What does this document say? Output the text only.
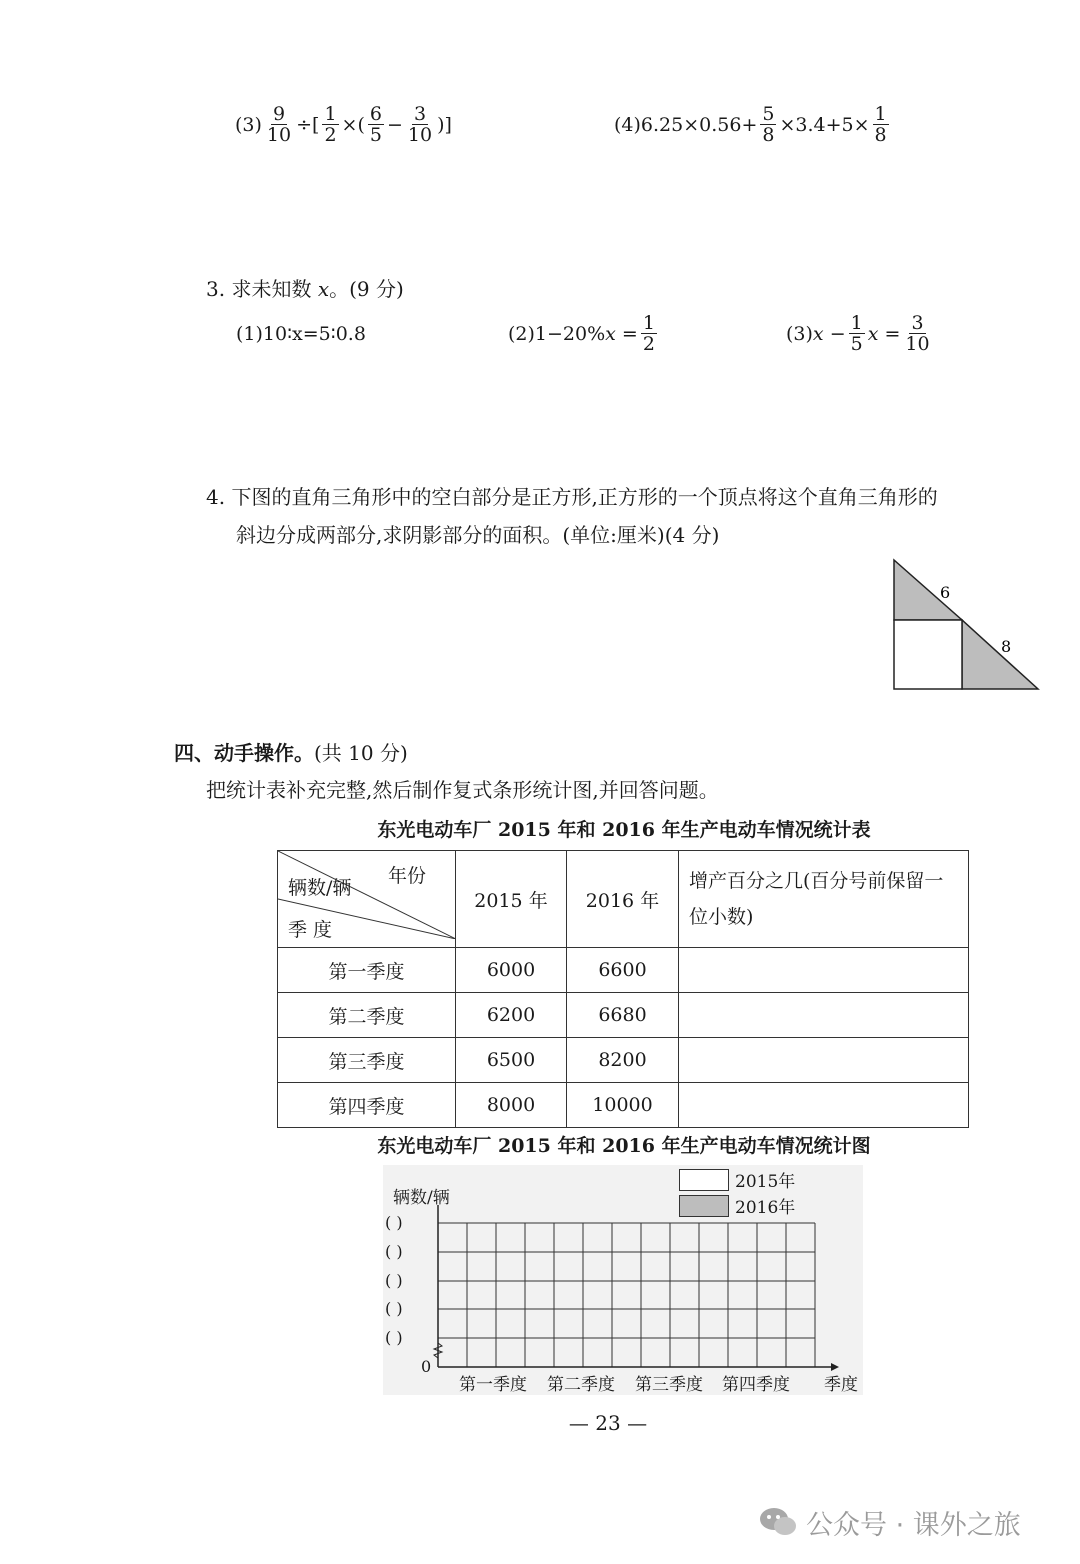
$(3) \frac{9}{10}$ ÷[ $\frac{1}{2}$ ×( $\frac{6}{5} - \frac{3}{10}$ )]	$(4)6.25\times 0.56+ \frac{5}{8} \times 3.4+5\times \frac{1}{8}$
3. 求未知数 x。(9 分)
(1)10∶x=5∶0.8	(2)1−20% x
= $\frac{1}{2}$	(3) x
− $\frac{1}{5}$ x
= $\frac{3}{10}$
4. 下图的直角三角形中的空白部分是正方形,正方形的一个顶点将这个直角三角形的
斜边分成两部分,求阴影部分的面积。(单位:厘米)(4 分)
6
8
四、动手操作。(共 10 分)
把统计表补充完整,然后制作复式条形统计图,并回答问题。
东光电动车厂 2015 年和 2016 年生产电动车情况统计表
年份
辆数/辆
季 度	2015 年	2016 年	增产百分之几(百分号前保留一位小数)
第一季度	6000	6600	
第二季度	6200	6680	
第三季度	6500	8200	
第四季度	8000	10000	
东光电动车厂 2015 年和 2016 年生产电动车情况统计图
2015年
2016年
辆数/辆
( )
( )
( )
( )
( )
0
第一季度 第二季度 第三季度 第四季度 季度
— 23 —
公众号 · 课外之旅
